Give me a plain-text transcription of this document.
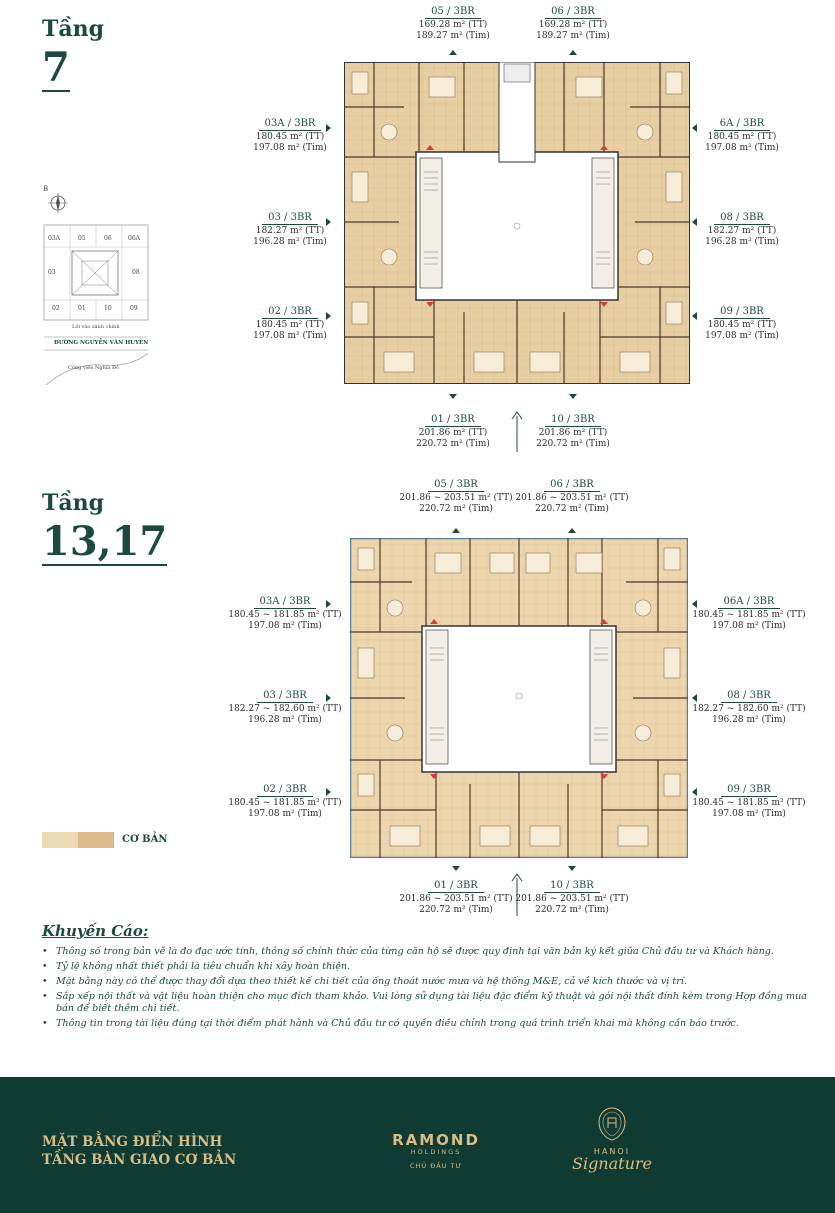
Tầng
7
Tầng
13,17
B
03A	05	06	06A
03	08
02	01	10	09
Lối vào sảnh chính
ĐƯỜNG NGUYỄN VĂN HUYÊN
Công viên Nghĩa Đô
05 / 3BR
169.28 m² (TT)
189.27 m² (Tim)
06 / 3BR
169.28 m² (TT)
189.27 m² (Tim)
03A / 3BR
180.45 m² (TT)
197.08 m² (Tim)
6A / 3BR
180.45 m² (TT)
197.08 m² (Tim)
03 / 3BR
182.27 m² (TT)
196.28 m² (Tim)
08 / 3BR
182.27 m² (TT)
196.28 m² (Tim)
02 / 3BR
180.45 m² (TT)
197.08 m² (Tim)
09 / 3BR
180.45 m² (TT)
197.08 m² (Tim)
01 / 3BR
201.86 m² (TT)
220.72 m² (Tim)
10 / 3BR
201.86 m² (TT)
220.72 m² (Tim)
05 / 3BR
201.86 ~ 203.51 m² (TT)
220.72 m² (Tim)
06 / 3BR
201.86 ~ 203.51 m² (TT)
220.72 m² (Tim)
03A / 3BR
180.45 ~ 181.85 m² (TT)
197.08 m² (Tim)
06A / 3BR
180.45 ~ 181.85 m² (TT)
197.08 m² (Tim)
03 / 3BR
182.27 ~ 182.60 m² (TT)
196.28 m² (Tim)
08 / 3BR
182.27 ~ 182.60 m² (TT)
196.28 m² (Tim)
02 / 3BR
180.45 ~ 181.85 m² (TT)
197.08 m² (Tim)
09 / 3BR
180.45 ~ 181.85 m² (TT)
197.08 m² (Tim)
01 / 3BR
201.86 ~ 203.51 m² (TT)
220.72 m² (Tim)
10 / 3BR
201.86 ~ 203.51 m² (TT)
220.72 m² (Tim)
CƠ BẢN
Khuyến Cáo:
• Thông số trong bản vẽ là đo đạc ước tính, thông số chính thức của từng căn hộ sẽ được quy định tại văn bản ký kết giữa Chủ đầu tư và Khách hàng.
• Tỷ lệ không nhất thiết phải là tiêu chuẩn khi xây hoàn thiện.
• Mặt bằng này có thể được thay đổi dựa theo thiết kế chi tiết của ống thoát nước mưa và hệ thống M&E, cả về kích thước và vị trí.
• Sắp xếp nội thất và vật liệu hoàn thiện cho mục đích tham khảo. Vui lòng sử dụng tài liệu đặc điểm kỹ thuật và gói nội thất đính kèm trong Hợp đồng mua bán để biết thêm chi tiết.
• Thông tin trong tài liệu đúng tại thời điểm phát hành và Chủ đầu tư có quyền điều chỉnh trong quá trình triển khai mà không cần báo trước.
MẶT BẰNG ĐIỂN HÌNH
TẦNG BÀN GIAO CƠ BẢN
RAMOND
HOLDINGS
CHỦ ĐẦU TƯ
HANOI
Signature
